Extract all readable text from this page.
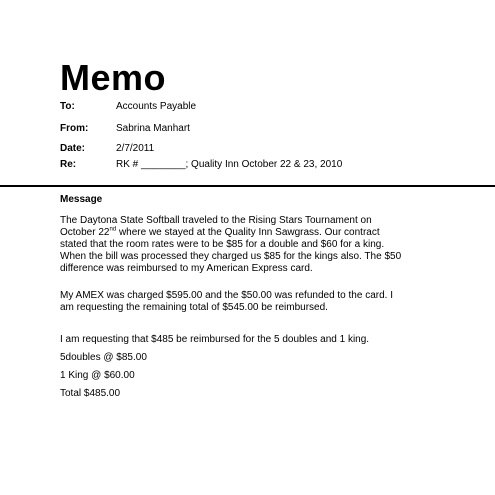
Memo
To:	Accounts Payable
From:	Sabrina Manhart
Date:	2/7/2011
Re:	RK # ________; Quality Inn October 22 & 23, 2010
Message
The Daytona State Softball traveled to the Rising Stars Tournament on
October 22nd where we stayed at the Quality Inn Sawgrass. Our contract
stated that the room rates were to be $85 for a double and $60 for a king.
When the bill was processed they charged us $85 for the kings also. The $50
difference was reimbursed to my American Express card.
My AMEX was charged $595.00 and the $50.00 was refunded to the card. I
am requesting the remaining total of $545.00 be reimbursed.
I am requesting that $485 be reimbursed for the 5 doubles and 1 king.
5doubles @ $85.00
1 King @ $60.00
Total $485.00
